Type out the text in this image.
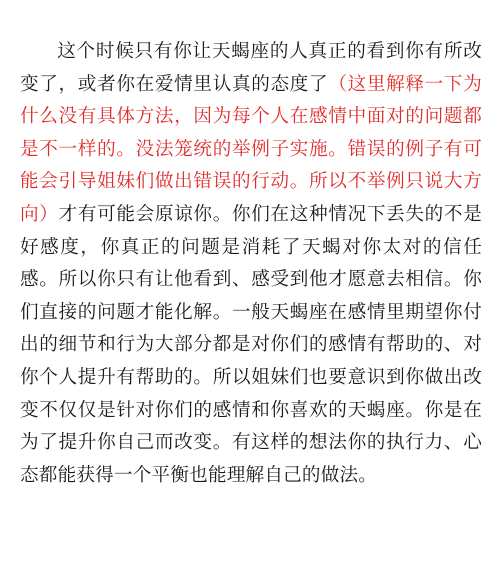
这个时候只有你让天蝎座的人真正的看到你有所改变了，或者你在爱情里认真的态度了（这里解释一下为什么没有具体方法，因为每个人在感情中面对的问题都是不一样的。没法笼统的举例子实施。错误的例子有可能会引导姐妹们做出错误的行动。所以不举例只说大方向）才有可能会原谅你。你们在这种情况下丢失的不是好感度，你真正的问题是消耗了天蝎对你太对的信任感。所以你只有让他看到、感受到他才愿意去相信。你们直接的问题才能化解。一般天蝎座在感情里期望你付出的细节和行为大部分都是对你们的感情有帮助的、对你个人提升有帮助的。所以姐妹们也要意识到你做出改变不仅仅是针对你们的感情和你喜欢的天蝎座。你是在为了提升你自己而改变。有这样的想法你的执行力、心态都能获得一个平衡也能理解自己的做法。
